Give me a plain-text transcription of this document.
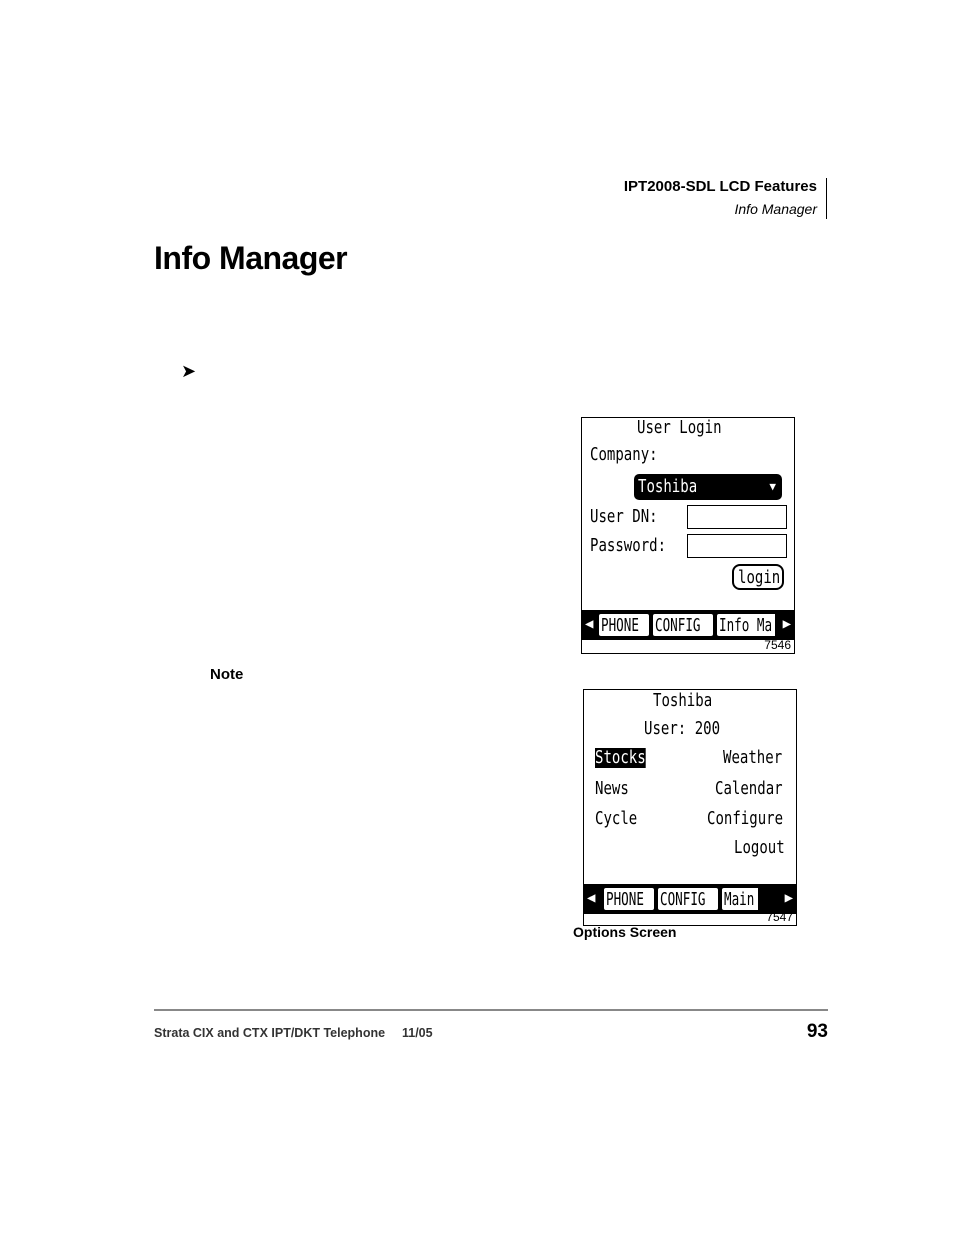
IPT2008-SDL LCD Features
Info Manager
Info Manager
➤
User Login
Company:
Toshiba	▼
User DN:
Password:
login
◀ PHONE CONFIG Info Ma ▶
7546
Note
Toshiba
User: 200
Stocks
News
Cycle
Weather
Calendar
Configure
Logout
◀ PHONE CONFIG Main ▶
7547
Options Screen
Strata CIX and CTX IPT/DKT Telephone 11/05	93
